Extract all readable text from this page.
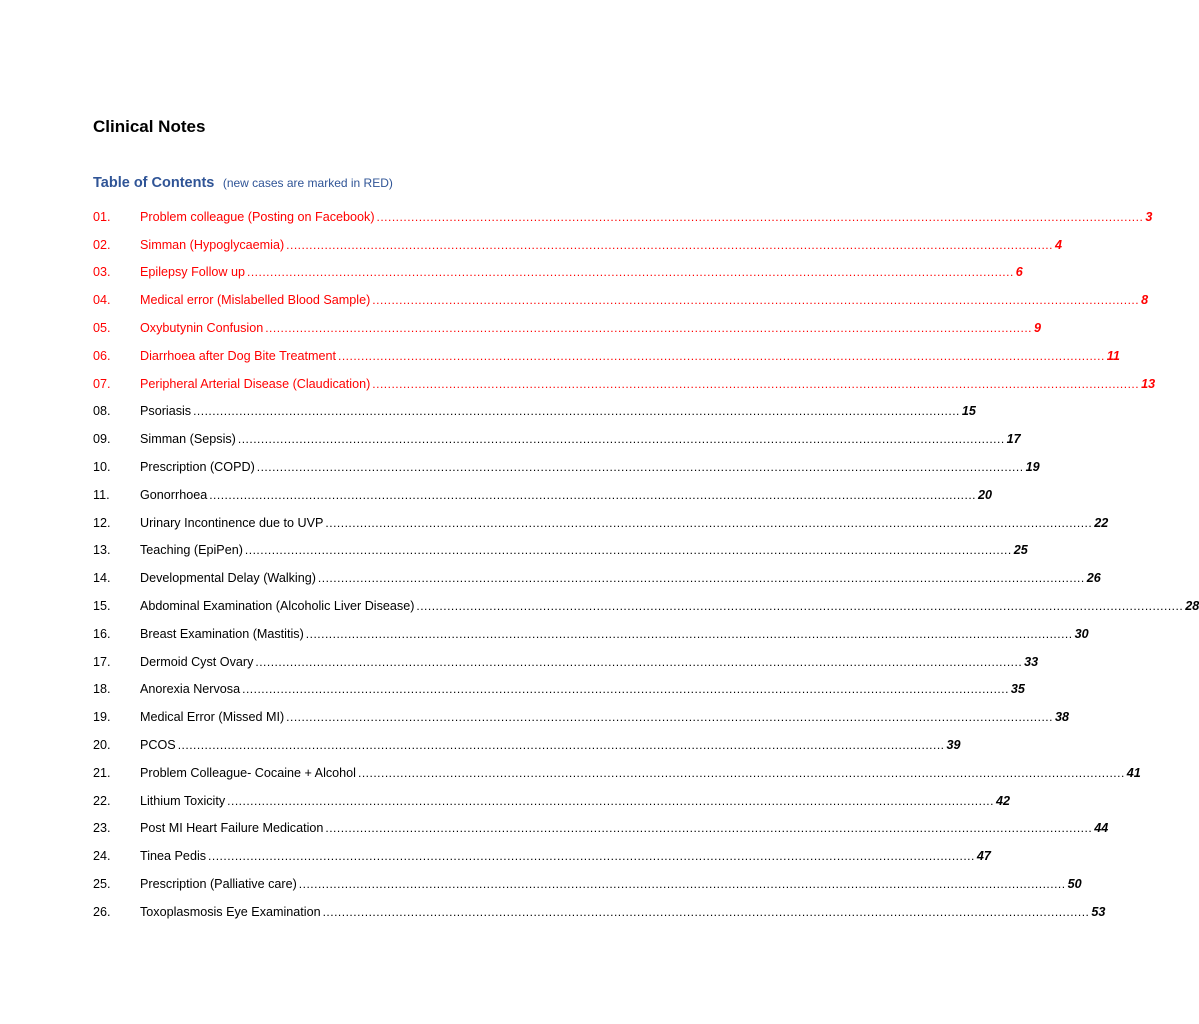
Clinical Notes
Table of Contents (new cases are marked in RED)
01.	Problem colleague (Posting on Facebook) ........................................................................................................................................................................................................ 3
02.	Simman (Hypoglycaemia) ........................................................................................................................................................................................................ 4
03.	Epilepsy Follow up ........................................................................................................................................................................................................ 6
04.	Medical error (Mislabelled Blood Sample) ........................................................................................................................................................................................................ 8
05.	Oxybutynin Confusion ........................................................................................................................................................................................................ 9
06.	Diarrhoea after Dog Bite Treatment ........................................................................................................................................................................................................ 11
07.	Peripheral Arterial Disease (Claudication) ........................................................................................................................................................................................................ 13
08.	Psoriasis ........................................................................................................................................................................................................ 15
09.	Simman (Sepsis) ........................................................................................................................................................................................................ 17
10.	Prescription (COPD) ........................................................................................................................................................................................................ 19
11.	Gonorrhoea ........................................................................................................................................................................................................ 20
12.	Urinary Incontinence due to UVP ........................................................................................................................................................................................................ 22
13.	Teaching (EpiPen) ........................................................................................................................................................................................................ 25
14.	Developmental Delay (Walking) ........................................................................................................................................................................................................ 26
15.	Abdominal Examination (Alcoholic Liver Disease) ........................................................................................................................................................................................................ 28
16.	Breast Examination (Mastitis) ........................................................................................................................................................................................................ 30
17.	Dermoid Cyst Ovary ........................................................................................................................................................................................................ 33
18.	Anorexia Nervosa ........................................................................................................................................................................................................ 35
19.	Medical Error (Missed MI) ........................................................................................................................................................................................................ 38
20.	PCOS ........................................................................................................................................................................................................ 39
21.	Problem Colleague- Cocaine + Alcohol ........................................................................................................................................................................................................ 41
22.	Lithium Toxicity ........................................................................................................................................................................................................ 42
23.	Post MI Heart Failure Medication ........................................................................................................................................................................................................ 44
24.	Tinea Pedis ........................................................................................................................................................................................................ 47
25.	Prescription (Palliative care) ........................................................................................................................................................................................................ 50
26.	Toxoplasmosis Eye Examination ........................................................................................................................................................................................................ 53
